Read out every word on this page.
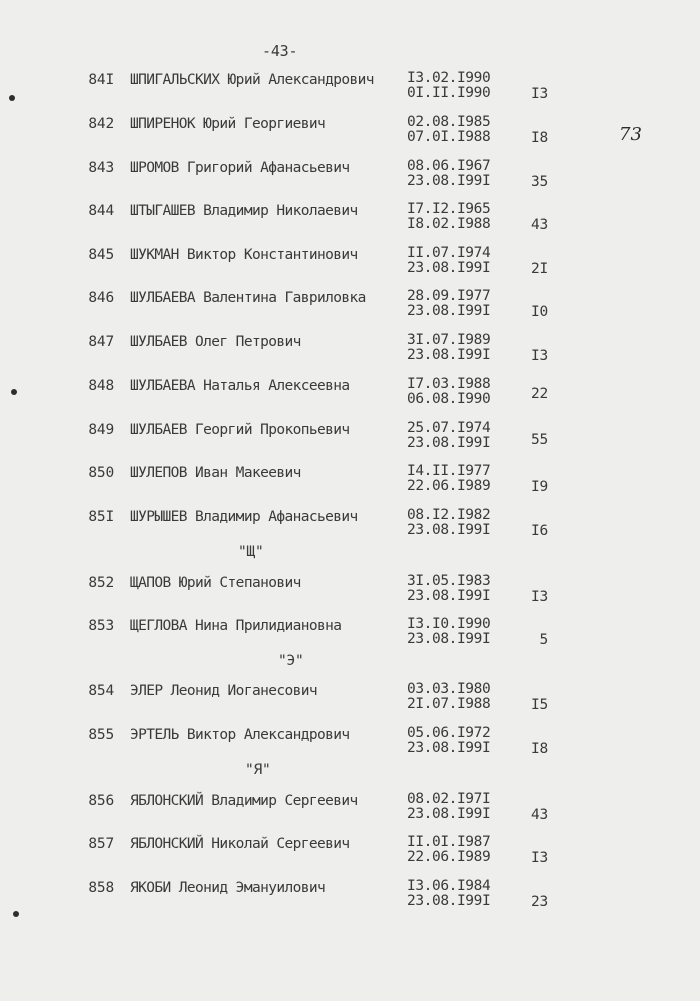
-43-
73
84I ШПИГАЛЬСКИХ Юрий Александрович I3.02.I990
0I.II.I990	I3
842 ШПИРЕНОК Юрий Георгиевич	02.08.I985
07.0I.I988	I8
843 ШРОМОВ Григорий Афанасьевич	08.06.I967
23.08.I99I	35
844 ШТЫГАШЕВ Владимир Николаевич	I7.I2.I965
I8.02.I988	43
845 ШУКМАН Виктор Константинович	II.07.I974
23.08.I99I	2I
846 ШУЛБАЕВА Валентина Гавриловка	28.09.I977
23.08.I99I	I0
847 ШУЛБАЕВ Олег Петрович	3I.07.I989
23.08.I99I	I3
848 ШУЛБАЕВА Наталья Алексеевна	I7.03.I988
06.08.I990	22
849 ШУЛБАЕВ Георгий Прокопьевич	25.07.I974
23.08.I99I	55
850 ШУЛЕПОВ Иван Макеевич	I4.II.I977
22.06.I989	I9
85I ШУРЫШЕВ Владимир Афанасьевич	08.I2.I982
23.08.I99I	I6
852 ЩАПОВ Юрий Степанович	3I.05.I983
23.08.I99I	I3
853 ЩЕГЛОВА Нина Прилидиановна	I3.I0.I990
23.08.I99I	5
854 ЭЛЕР Леонид Иоганесович	03.03.I980
2I.07.I988	I5
855 ЭРТЕЛЬ Виктор Александрович	05.06.I972
23.08.I99I	I8
856 ЯБЛОНСКИЙ Владимир Сергеевич	08.02.I97I
23.08.I99I	43
857 ЯБЛОНСКИЙ Николай Сергеевич	II.0I.I987
22.06.I989	I3
858 ЯКОБИ Леонид Эмануилович	I3.06.I984
23.08.I99I	23
"Щ"
"Э"
"Я"
